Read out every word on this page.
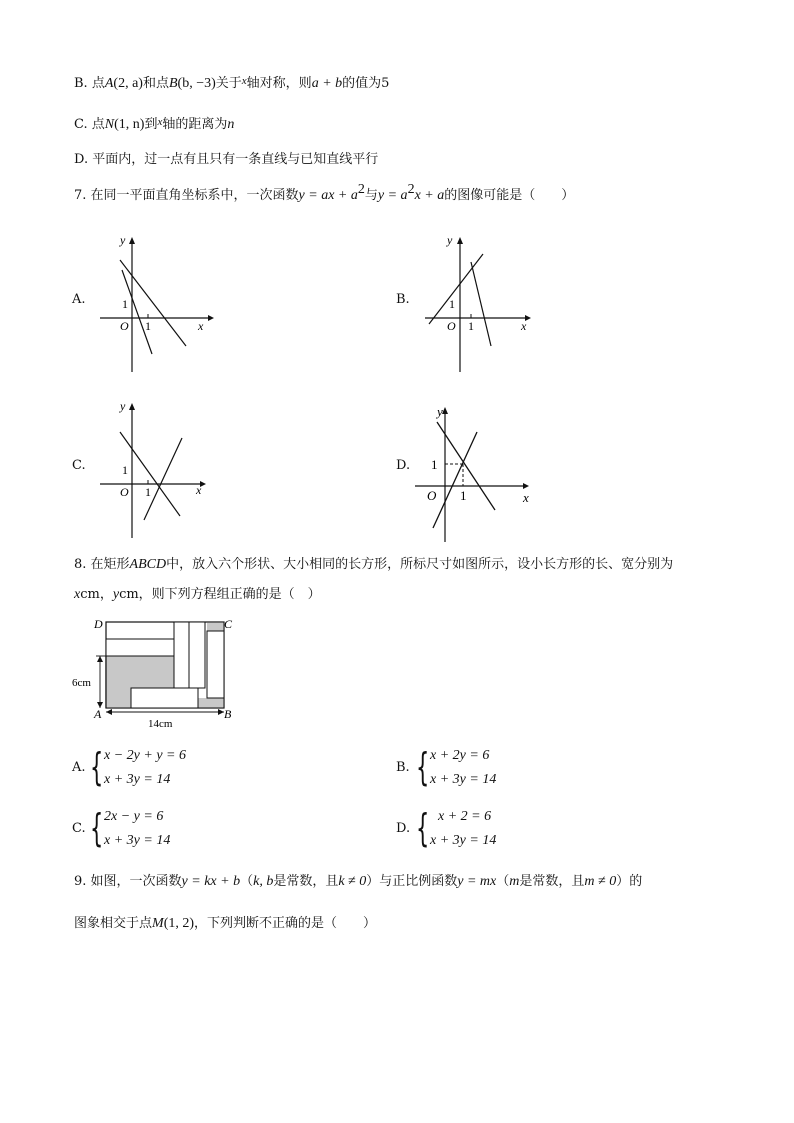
B. 点A(2, a)和点B(b, −3)关于$^x$轴对称，则a + b的值为5
C. 点N(1, n)到$^x$轴的距离为n
D. 平面内，过一点有且只有一条直线与已知直线平行
7. 在同一平面直角坐标系中，一次函数y = ax + $a^2$与$y = a^2x + a$的图像可能是（　　）
A.
y
x
O
1
1
B.
y
x
O
1
1
C.
y
x
O
1
1
D.
y
x
O
1
1
8. 在矩形ABCD中，放入六个形状、大小相同的长方形，所标尺寸如图所示，设小长方形的长、宽分别为
xcm，ycm，则下列方程组正确的是（　）
D	C
A	B
6cm
14cm
A. { x − 2y + y = 6
x + 3y = 14
B. { x + 2y = 6
x + 3y = 14
C. { 2x − y = 6
x + 3y = 14
D. { x + 2 = 6
x + 3y = 14
9. 如图，一次函数y = kx + b（k, b是常数，且k ≠ 0）与正比例函数y = mx（m是常数，且m ≠ 0）的
图象相交于点M(1, 2)，下列判断不正确的是（　　）
